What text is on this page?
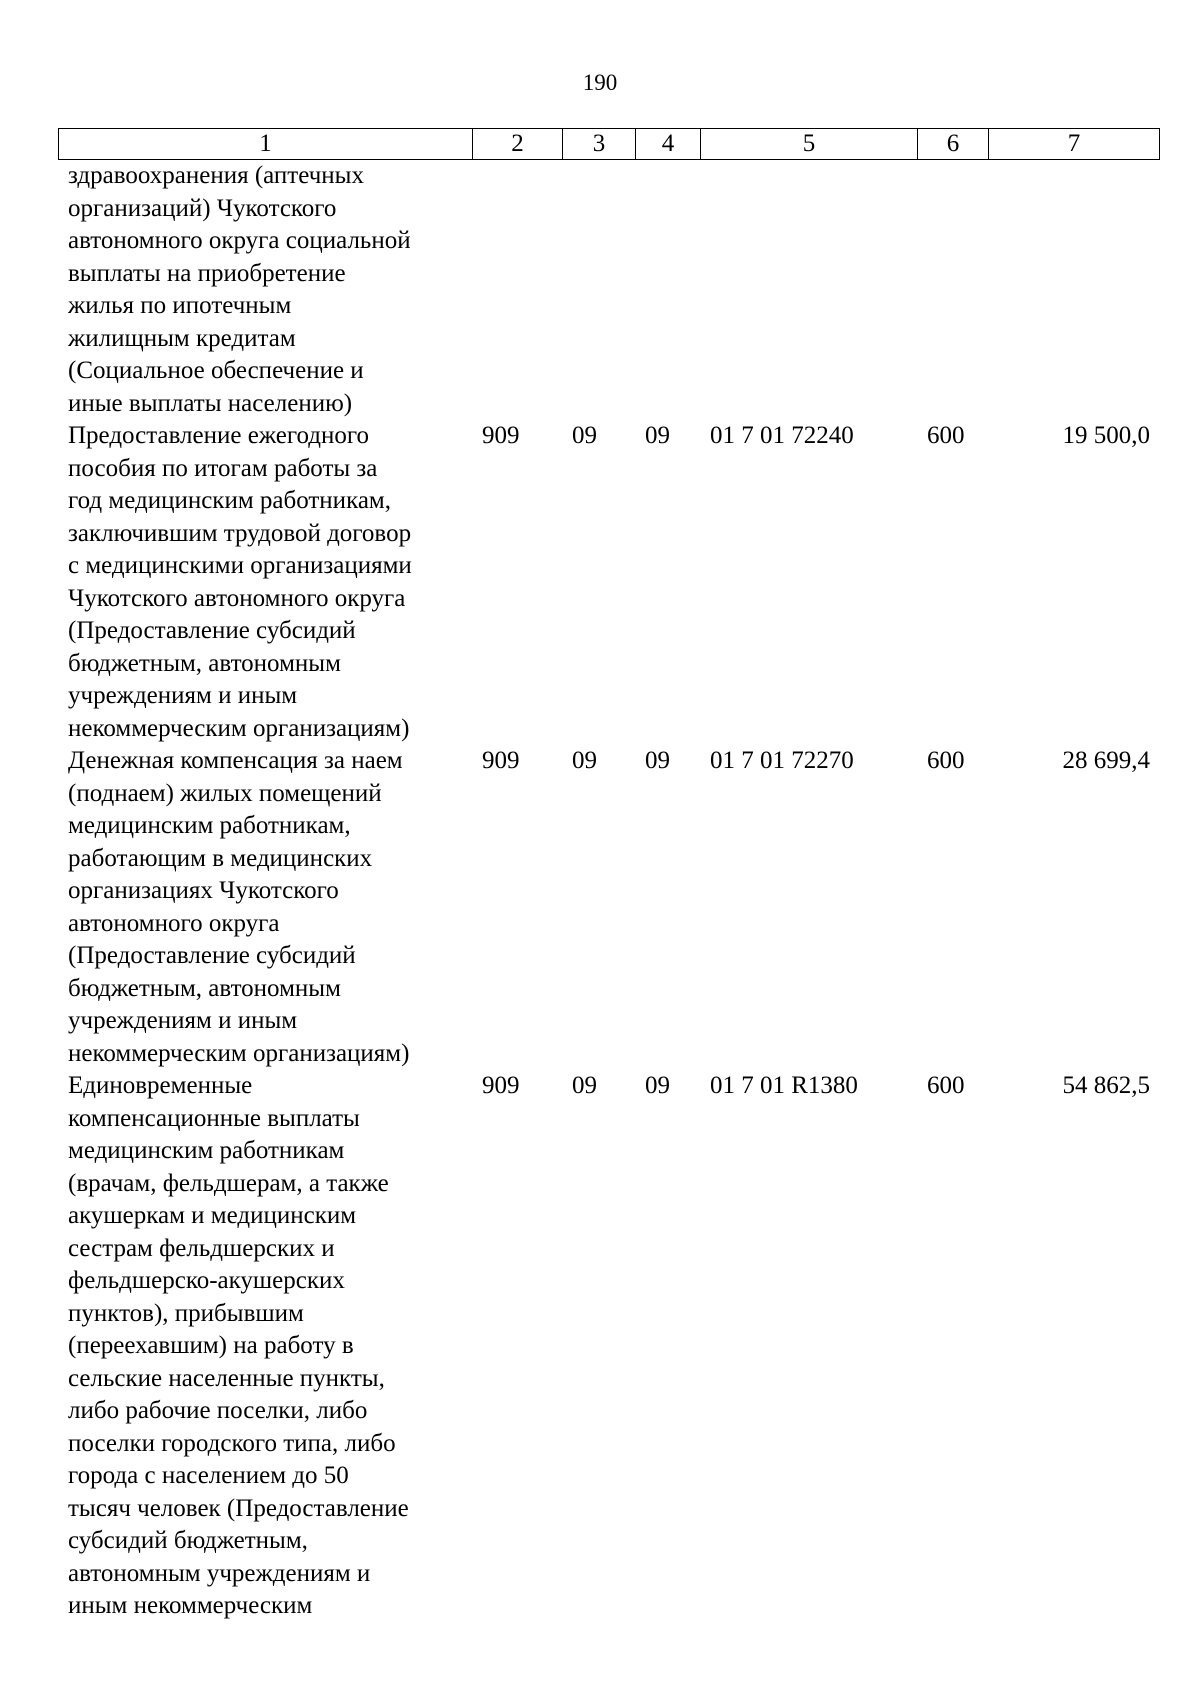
190
1	2	3	4	5	6	7
здравоохранения (аптечных
организаций) Чукотского
автономного округа социальной
выплаты на приобретение
жилья по ипотечным
жилищным кредитам
(Социальное обеспечение и
иные выплаты населению)
Предоставление ежегодного
пособия по итогам работы за
год медицинским работникам,
заключившим трудовой договор
с медицинскими организациями
Чукотского автономного округа
(Предоставление субсидий
бюджетным, автономным
учреждениям и иным
некоммерческим организациям)
909	09	09	01 7 01 72240	600	19 500,0
Денежная компенсация за наем
(поднаем) жилых помещений
медицинским работникам,
работающим в медицинских
организациях Чукотского
автономного округа
(Предоставление субсидий
бюджетным, автономным
учреждениям и иным
некоммерческим организациям)
909	09	09	01 7 01 72270	600	28 699,4
Единовременные
компенсационные выплаты
медицинским работникам
(врачам, фельдшерам, а также
акушеркам и медицинским
сестрам фельдшерских и
фельдшерско-акушерских
пунктов), прибывшим
(переехавшим) на работу в
сельские населенные пункты,
либо рабочие поселки, либо
поселки городского типа, либо
города с населением до 50
тысяч человек (Предоставление
субсидий бюджетным,
автономным учреждениям и
иным некоммерческим
909	09	09	01 7 01 R1380	600	54 862,5
